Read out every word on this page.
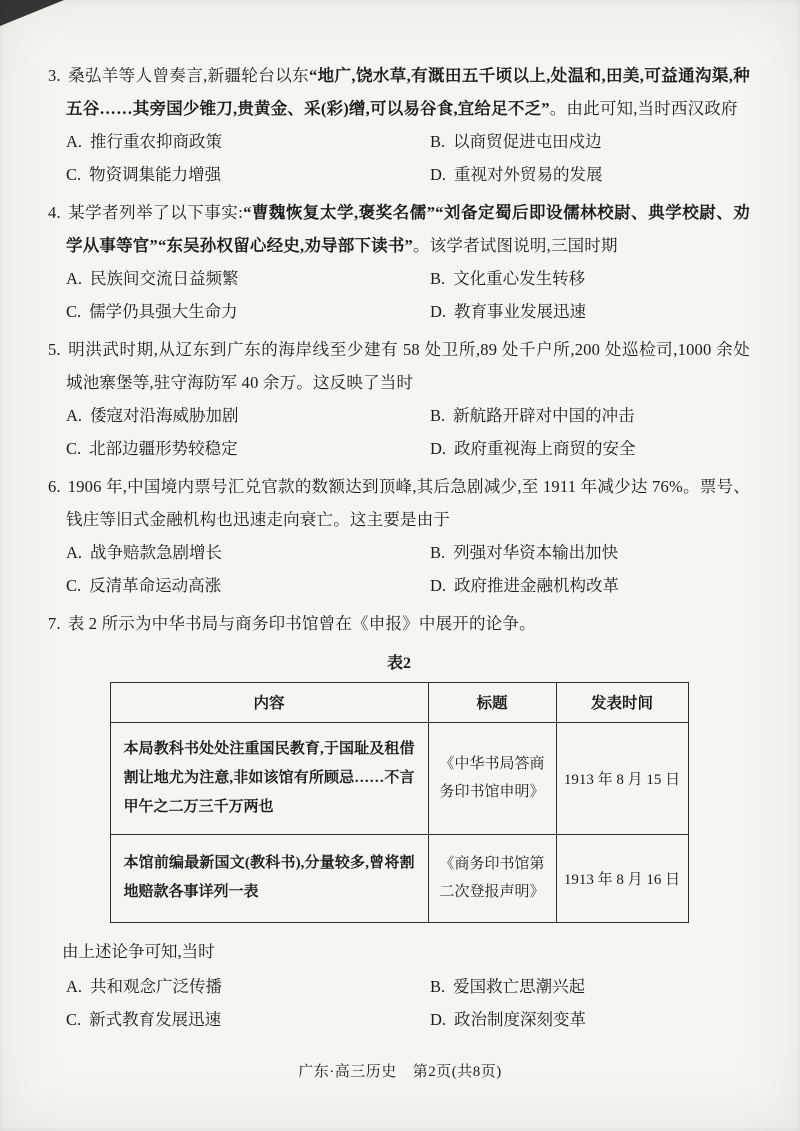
3. 桑弘羊等人曾奏言,新疆轮台以东“地广,饶水草,有溉田五千顷以上,处温和,田美,可益通沟渠,种五谷……其旁国少锥刀,贵黄金、采(彩)缯,可以易谷食,宜给足不乏”。由此可知,当时西汉政府

A. 推行重农抑商政策	B. 以商贸促进屯田戍边
C. 物资调集能力增强	D. 重视对外贸易的发展

4. 某学者列举了以下事实:“曹魏恢复太学,褒奖名儒”“刘备定蜀后即设儒林校尉、典学校尉、劝学从事等官”“东吴孙权留心经史,劝导部下读书”。该学者试图说明,三国时期

A. 民族间交流日益频繁	B. 文化重心发生转移
C. 儒学仍具强大生命力	D. 教育事业发展迅速

5. 明洪武时期,从辽东到广东的海岸线至少建有 58 处卫所,89 处千户所,200 处巡检司,1000 余处城池寨堡等,驻守海防军 40 余万。这反映了当时

A. 倭寇对沿海威胁加剧	B. 新航路开辟对中国的冲击
C. 北部边疆形势较稳定	D. 政府重视海上商贸的安全

6. 1906 年,中国境内票号汇兑官款的数额达到顶峰,其后急剧减少,至 1911 年减少达 76%。票号、钱庄等旧式金融机构也迅速走向衰亡。这主要是由于

A. 战争赔款急剧增长	B. 列强对华资本输出加快
C. 反清革命运动高涨	D. 政府推进金融机构改革

7. 表 2 所示为中华书局与商务印书馆曾在《申报》中展开的论争。

表2
内容	标题	发表时间
本局教科书处处注重国民教育,于国耻及租借割让地尤为注意,非如该馆有所顾忌……不言甲午之二万三千万两也	《中华书局答商务印书馆申明》	1913 年 8 月 15 日
本馆前编最新国文(教科书),分量较多,曾将割地赔款各事详列一表	《商务印书馆第二次登报声明》	1913 年 8 月 16 日

由上述论争可知,当时

A. 共和观念广泛传播	B. 爱国救亡思潮兴起
C. 新式教育发展迅速	D. 政治制度深刻变革
广东·高三历史 第2页(共8页)
